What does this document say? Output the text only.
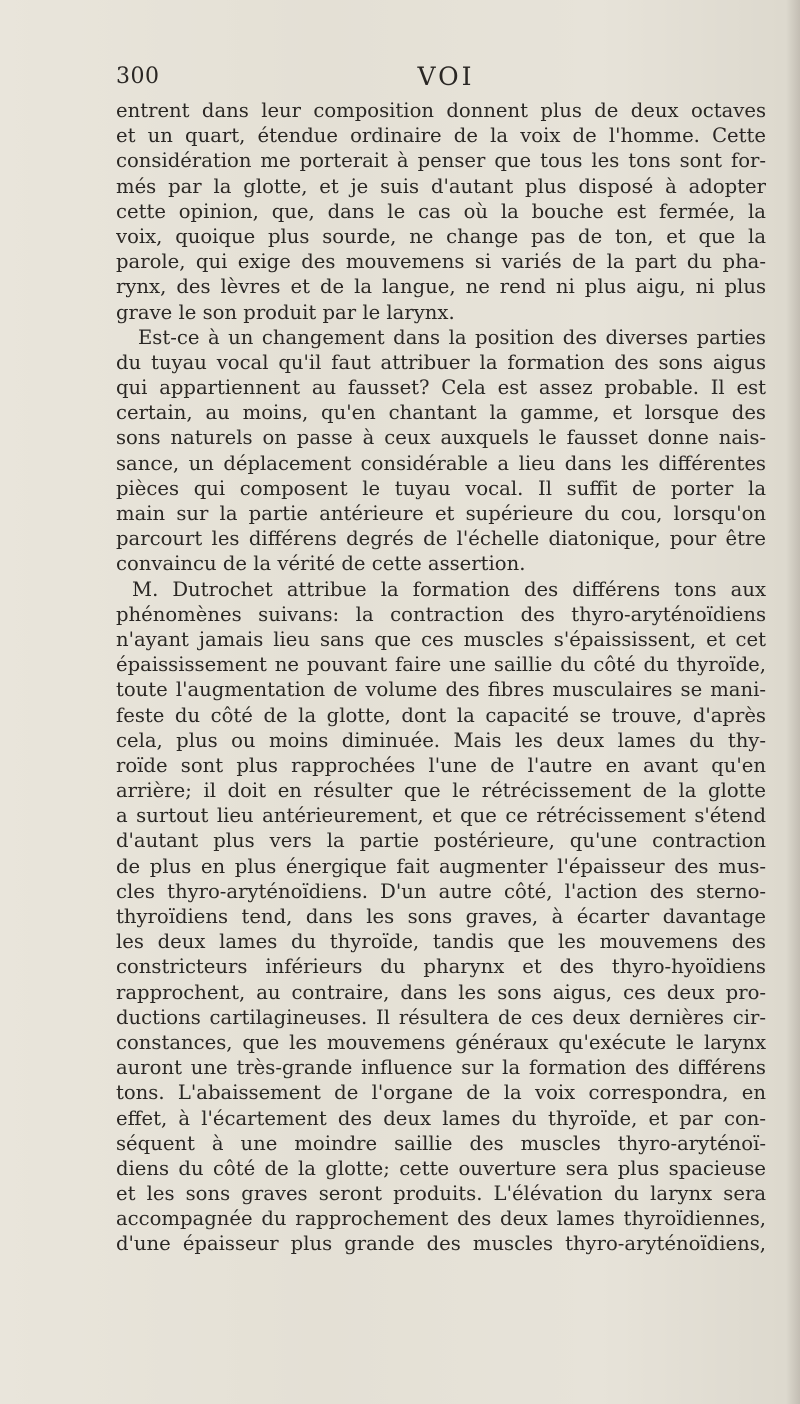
300	VOI
entrent dans leur composition donnent plus de deux octaves
et un quart, étendue ordinaire de la voix de l'homme. Cette
considération me porterait à penser que tous les tons sont for-
més par la glotte, et je suis d'autant plus disposé à adopter
cette opinion, que, dans le cas où la bouche est fermée, la
voix, quoique plus sourde, ne change pas de ton, et que la
parole, qui exige des mouvemens si variés de la part du pha-
rynx, des lèvres et de la langue, ne rend ni plus aigu, ni plus
grave le son produit par le larynx.
Est-ce à un changement dans la position des diverses parties
du tuyau vocal qu'il faut attribuer la formation des sons aigus
qui appartiennent au fausset? Cela est assez probable. Il est
certain, au moins, qu'en chantant la gamme, et lorsque des
sons naturels on passe à ceux auxquels le fausset donne nais-
sance, un déplacement considérable a lieu dans les différentes
pièces qui composent le tuyau vocal. Il suffit de porter la
main sur la partie antérieure et supérieure du cou, lorsqu'on
parcourt les différens degrés de l'échelle diatonique, pour être
convaincu de la vérité de cette assertion.
M. Dutrochet attribue la formation des différens tons aux
phénomènes suivans: la contraction des thyro-aryténoïdiens
n'ayant jamais lieu sans que ces muscles s'épaississent, et cet
épaississement ne pouvant faire une saillie du côté du thyroïde,
toute l'augmentation de volume des fibres musculaires se mani-
feste du côté de la glotte, dont la capacité se trouve, d'après
cela, plus ou moins diminuée. Mais les deux lames du thy-
roïde sont plus rapprochées l'une de l'autre en avant qu'en
arrière; il doit en résulter que le rétrécissement de la glotte
a surtout lieu antérieurement, et que ce rétrécissement s'étend
d'autant plus vers la partie postérieure, qu'une contraction
de plus en plus énergique fait augmenter l'épaisseur des mus-
cles thyro-aryténoïdiens. D'un autre côté, l'action des sterno-
thyroïdiens tend, dans les sons graves, à écarter davantage
les deux lames du thyroïde, tandis que les mouvemens des
constricteurs inférieurs du pharynx et des thyro-hyoïdiens
rapprochent, au contraire, dans les sons aigus, ces deux pro-
ductions cartilagineuses. Il résultera de ces deux dernières cir-
constances, que les mouvemens généraux qu'exécute le larynx
auront une très-grande influence sur la formation des différens
tons. L'abaissement de l'organe de la voix correspondra, en
effet, à l'écartement des deux lames du thyroïde, et par con-
séquent à une moindre saillie des muscles thyro-aryténoï-
diens du côté de la glotte; cette ouverture sera plus spacieuse
et les sons graves seront produits. L'élévation du larynx sera
accompagnée du rapprochement des deux lames thyroïdiennes,
d'une épaisseur plus grande des muscles thyro-aryténoïdiens,
